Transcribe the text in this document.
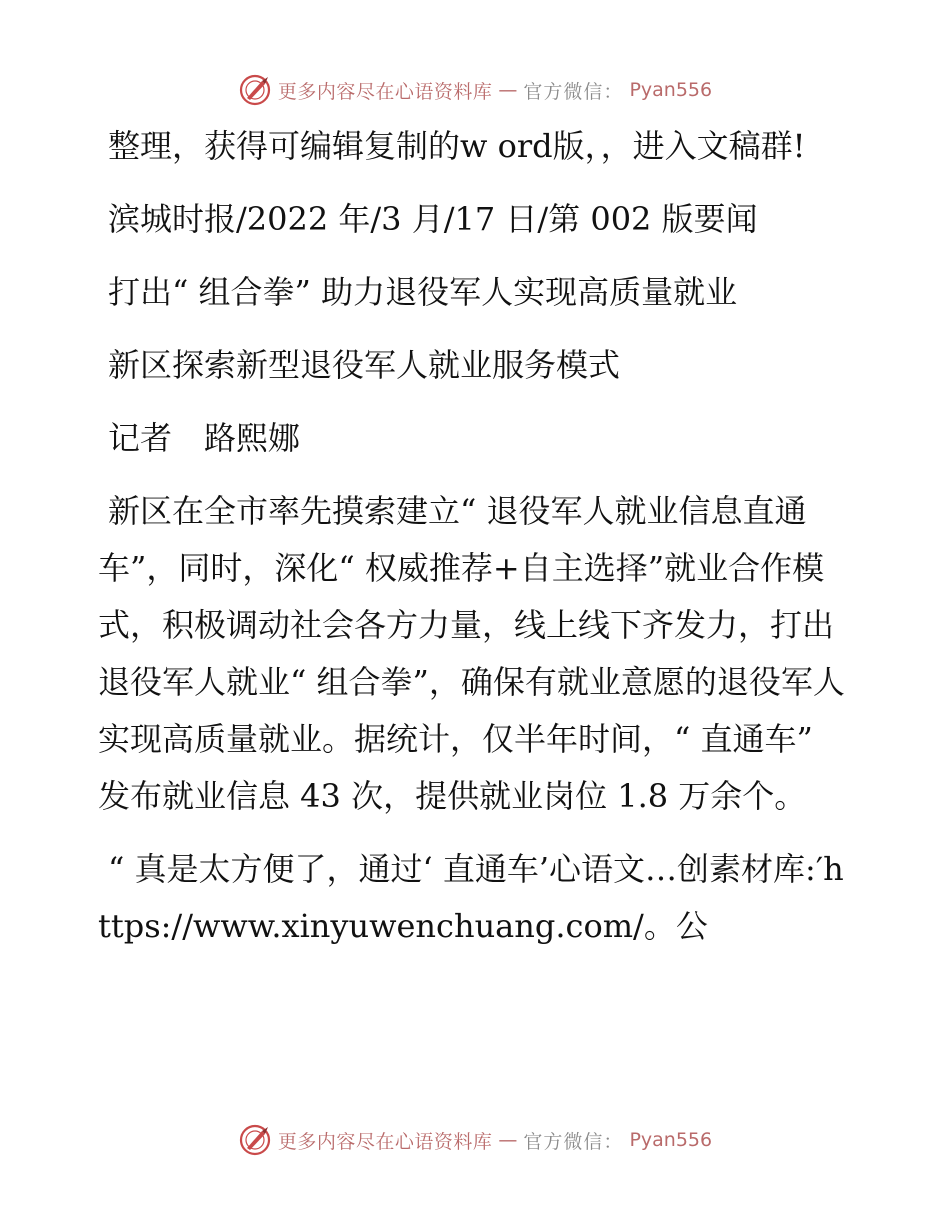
更多内容尽在心语资料库 — 官方微信： Pyan556

整理，获得可编辑复制的w ord版，，进入文稿群!

滨城时报/2022 年/3 月/17 日/第 002 版要闻

打出“ 组合拳” 助力退役军人实现高质量就业

新区探索新型退役军人就业服务模式

记者　路熙娜

新区在全市率先摸索建立“ 退役军人就业信息直通车”，同时，深化“ 权威推荐+自主选择”就业合作模式，积极调动社会各方力量，线上线下齐发力，打出退役军人就业“ 组合拳”，确保有就业意愿的退役军人实现高质量就业。据统计，仅半年时间，“ 直通车” 发布就业信息 43 次，提供就业岗位 1.8 万余个。

“ 真是太方便了，通过‘ 直通车’心语文…创素材库:′https://www.xinyuwenchuang.com/。公

更多内容尽在心语资料库 — 官方微信： Pyan556
